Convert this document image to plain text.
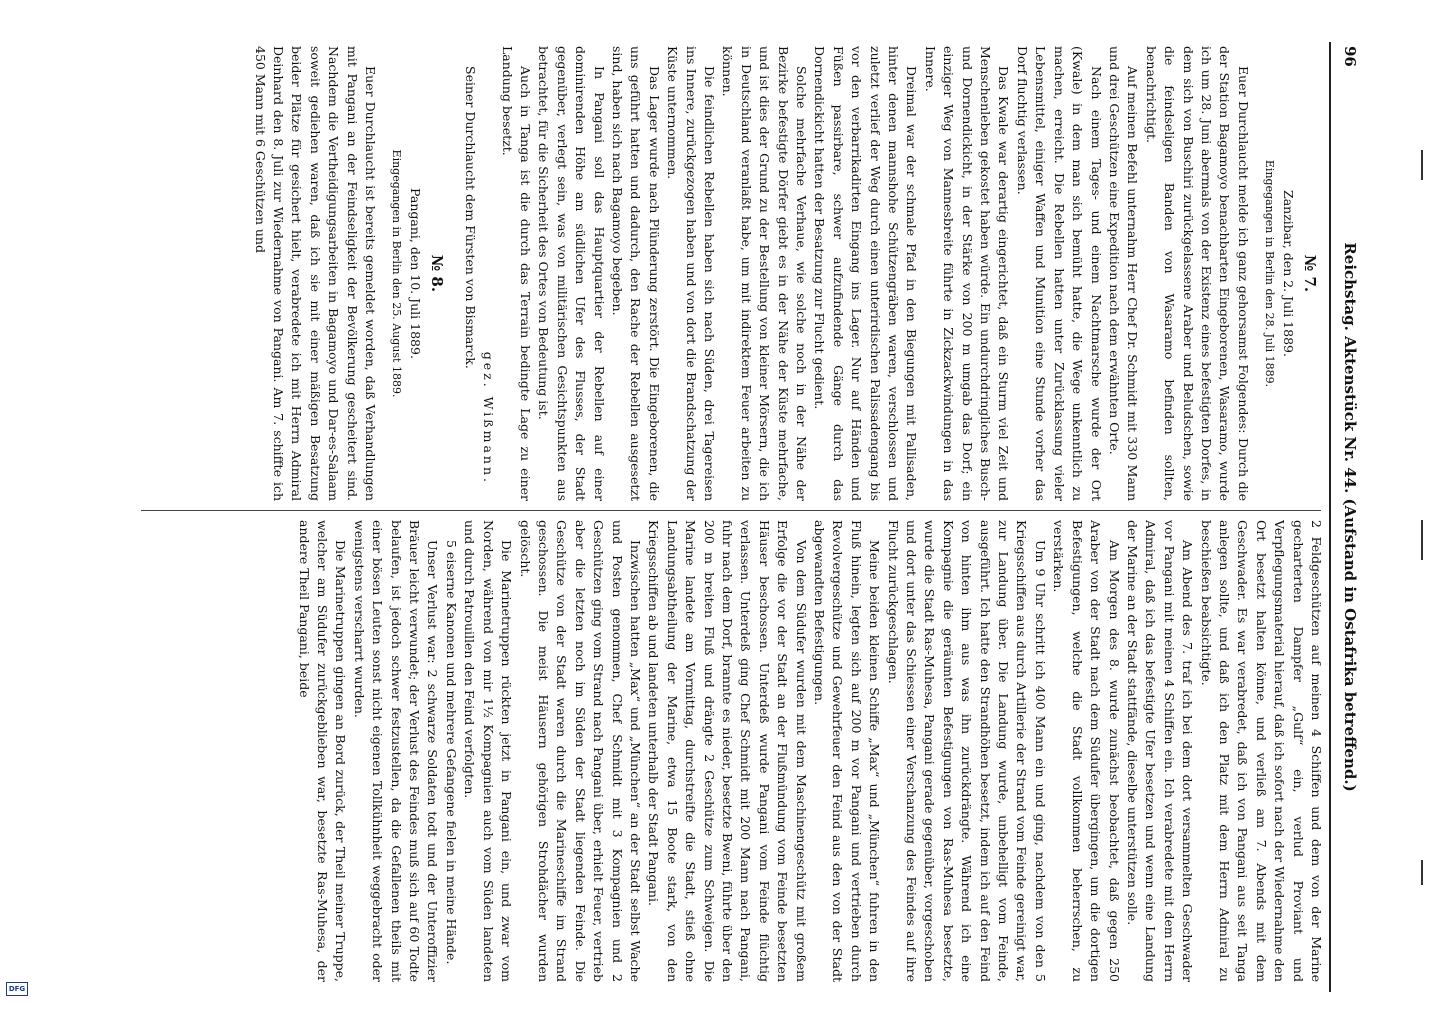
DFG
96
Reichstag. Aktenstück Nr. 44. (Aufstand in Ostafrika betreffend.)
№ 7.

Zanzibar, den 2. Juli 1889.

Eingegangen in Berlin den 28. Juli 1889.

Euer Durchlaucht melde ich ganz gehorsamst Folgendes: Durch die der Station Bagamoyo benachbarten Eingeborenen, Wasaramo, wurde ich um 28. Juni abermals von der Existenz eines befestigten Dorfes, in dem sich von Buschiri zurückgelassene Araber und Beludschen, sowie die feindseligen Banden von Wasaramo befinden sollten, benachrichtigt.

Auf meinen Befehl unternahm Herr Chef Dr. Schmidt mit 330 Mann und drei Geschützen eine Expedition nach dem erwähnten Orte.

Nach einem Tages- und einem Nachtmarsche wurde der Ort (Kwale) in dem man sich bemüht hatte, die Wege unkenntlich zu machen, erreicht. Die Rebellen hatten unter Zurücklassung vieler Lebensmittel, einiger Waffen und Munition eine Stunde vorher das Dorf fluchtig verlassen.

Das Kwale war derartig eingerichtet, daß ein Sturm viel Zeit und Menschenleben gekostet haben würde. Ein undurchdringliches Busch- und Dornendickicht, in der Stärke von 200 m umgab das Dorf; ein einziger Weg von Mannesbreite führte in Zickzackwindungen in das Innere.

Dreimal war der schmale Pfad in den Biegungen mit Pallisaden, hinter denen mannshohe Schützengräben waren, verschlossen und zuletzt verlief der Weg durch einen unterirdischen Palissadengang bis vor den verbarrikadirten Eingang ins Lager. Nur auf Händen und Füßen passirbare, schwer aufzufindende Gänge durch das Dornendickicht hatten der Besatzung zur Flucht gedient.

Solche mehrfache Verhaue, wie solche noch in der Nähe der Bezirke befestigte Dörfer giebt es in der Nähe der Küste mehrfache, und ist dies der Grund zu der Bestellung von kleiner Mörsern, die ich in Deutschland veranlaßt habe, um mit indirektem Feuer arbeiten zu können.

Die feindlichen Rebellen haben sich nach Süden, drei Tagereisen ins Innere, zurückgezogen haben und von dort die Brandschatzung der Küste unternommen.

Das Lager wurde nach Plünderung zerstört. Die Eingeborenen, die uns geführt hatten und dadurch, den Rache der Rebellen ausgesetzt sind, haben sich nach Bagamoyo begeben.

In Pangani soll das Hauptquartier der Rebellen auf einer dominirenden Höhe am südlichen Ufer des Flusses, der Stadt gegenüber, verlegt sein, was von militärischen Gesichtspunkten aus betrachtet, für die Sicherheit des Ortes von Bedeutung ist.

Auch in Tanga ist die durch das Terrain bedingte Lage zu einer Landung besetzt.

gez. Wißmann.

Seiner Durchlaucht dem Fürsten von Bismarck.

№ 8.

Pangani, den 10. Juli 1889.

Eingegangen in Berlin den 25. August 1889.

Euer Durchlaucht ist bereits gemeldet worden, daß Verhandlungen mit Pangani an der Feindseligkeit der Bevölkerung gescheitert sind. Nachdem die Vertheidigungsarbeiten in Bagamoyo und Dar-es-Salaam soweit gediehen waren, daß ich sie mit einer mäßigen Besatzung beider Plätze für gesichert hielt, verabredete ich mit Herrn Admiral Deinhard den 8. Juli zur Wiedernahme von Pangani. Am 7. schiffte ich 450 Mann mit 6 Geschützen und

2 Feldgeschützen auf meinen 4 Schiffen und dem von der Marine gecharterten Dampfer „Gulf“ ein, verlud Proviant und Verpflegungsmaterial hierauf, daß ich sofort nach der Wiedernahme den Ort besetzt halten könne, und verließ am 7. Abends mit dem Geschwader. Es war verabredet, daß ich von Pangani aus seit Tanga anlegen sollte, und daß ich den Platz mit dem Herrn Admiral zu beschießen beabsichtigte.

Am Abend des 7. traf ich bei dem dort versammelten Geschwader vor Pangani mit meinen 4 Schiffen ein. Ich verabredete mit dem Herrn Admiral, daß ich das befestigte Ufer besetzen und wenn eine Landung der Marine an der Stadt stattfände, dieselbe unterstützen solle.

Am Morgen des 8. wurde zunächst beobachtet, daß gegen 250 Araber von der Stadt nach dem Südufer übergingen, um die dortigen Befestigungen, welche die Stadt vollkommen beherrschen, zu verstärken.

Um 9 Uhr schritt ich 400 Mann ein und ging, nachdem von den 5 Kriegsschiffen aus durch Artillerie der Strand vom Feinde gereinigt war, zur Landung über. Die Landung wurde, unbehelligt vom Feinde, ausgeführt. Ich hatte den Strandhöhen besetzt, indem ich auf den Feind von hinten ihm aus was ihn zurückdrängte. Während ich eine Kompagnie die geräumten Befestigungen von Ras-Muhesa besetzte, wurde die Stadt Ras-Muhesa, Pangani gerade gegenüber, vorgeschoben und dort unter das Schiessen einer Verschanzung des Feindes auf ihre Flucht zurückgeschlagen.

Meine beiden kleinen Schiffe „Max“ und „München“ fuhren in den Fluß hinein, legten sich auf 200 m vor Pangani und vertrieben durch Revolvergeschütze und Gewehrfeuer den Feind aus den von der Stadt abgewandten Befestigungen.

Von dem Südufer wurden mit dem Maschinengeschütz mit großem Erfolge die vor der Stadt an der Flußmündung vom Feinde besetzten Häuser beschossen. Unterdeß wurde Pangani vom Feinde flüchtig verlassen. Unterdeß ging Chef Schmidt mit 200 Mann nach Pangani, fuhr nach dem Dorf, brannte es nieder, besetzte Bweni, führte über den 200 m breiten Fluß und drängte 2 Geschütze zum Schweigen. Die Marine landete am Vormittag, durchstreifte die Stadt, stieß ohne Landungsabtheilung der Marine, etwa 15 Boote stark, von den Kriegsschiffen ab und landeten unterhalb der Stadt Pangani.

Inzwischen hatten „Max“ und „München“ an der Stadt selbst Wache und Posten genommen, Chef Schmidt mit 3 Kompagnien und 2 Geschützen ging vom Strand nach Pangani über, erhielt Feuer, vertrieb aber die letzten noch im Süden der Stadt liegenden Feinde. Die Geschütze von der Stadt waren durch die Marineschiffe im Strand geschossen. Die meist Häusern gehörigen Strohdächer wurden gelöscht.

Die Marinetruppen rückten jetzt in Pangani ein, und zwar vom Norden, während von mir 1½ Kompagnien auch vom Süden landeten und durch Patrouillen den Feind verfolgten.

5 eiserne Kanonen und mehrere Gefangene fielen in meine Hände.

Unser Verlust war: 2 schwarze Soldaten todt und der Unteroffizier Bräuer leicht verwundet; der Verlust des Feindes muß sich auf 60 Todte belaufen, ist jedoch schwer festzustellen, da die Gefallenen theils mit einer bösen Leuten sonst nicht eigenen Tollkühnheit weggebracht oder wenigstens verscharrt wurden.

Die Marinetruppen gingen an Bord zurück, der Theil meiner Truppe, welcher am Südufer zurückgeblieben war, besetzte Ras-Muhesa, der andere Theil Pangani, beide
